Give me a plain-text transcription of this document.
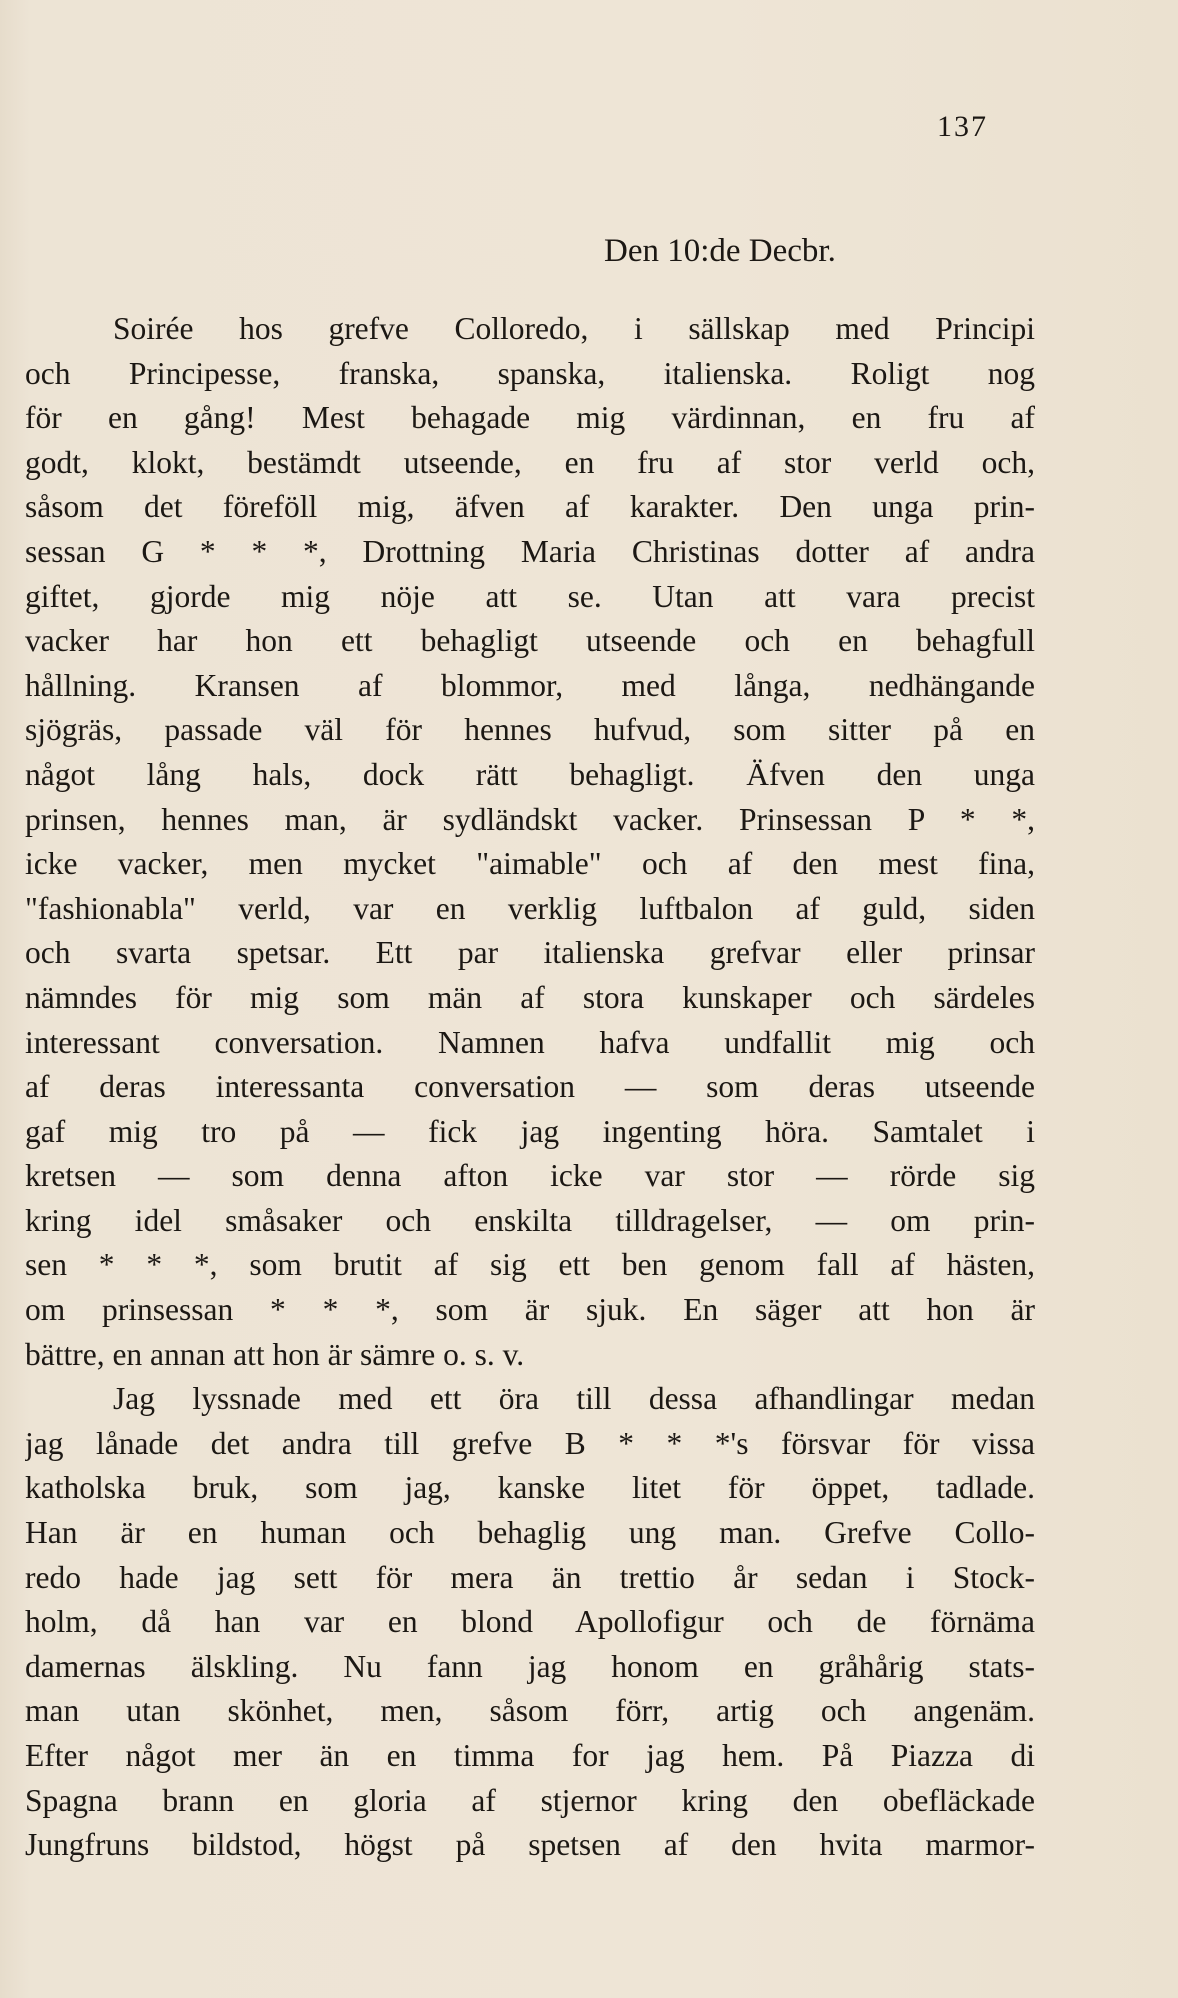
137
Den 10:de Decbr.
Soirée hos grefve Colloredo, i sällskap med Principi
och Principesse, franska, spanska, italienska. Roligt nog
för en gång! Mest behagade mig värdinnan, en fru af
godt, klokt, bestämdt utseende, en fru af stor verld och,
såsom det föreföll mig, äfven af karakter. Den unga prin-
sessan G * * *, Drottning Maria Christinas dotter af andra
giftet, gjorde mig nöje att se. Utan att vara precist
vacker har hon ett behagligt utseende och en behagfull
hållning. Kransen af blommor, med långa, nedhängande
sjögräs, passade väl för hennes hufvud, som sitter på en
något lång hals, dock rätt behagligt. Äfven den unga
prinsen, hennes man, är sydländskt vacker. Prinsessan P * *,
icke vacker, men mycket "aimable" och af den mest fina,
"fashionabla" verld, var en verklig luftbalon af guld, siden
och svarta spetsar. Ett par italienska grefvar eller prinsar
nämndes för mig som män af stora kunskaper och särdeles
interessant conversation. Namnen hafva undfallit mig och
af deras interessanta conversation — som deras utseende
gaf mig tro på — fick jag ingenting höra. Samtalet i
kretsen — som denna afton icke var stor — rörde sig
kring idel småsaker och enskilta tilldragelser, — om prin-
sen * * *, som brutit af sig ett ben genom fall af hästen,
om prinsessan * * *, som är sjuk. En säger att hon är
bättre, en annan att hon är sämre o. s. v.
Jag lyssnade med ett öra till dessa afhandlingar medan
jag lånade det andra till grefve B * * *'s försvar för vissa
katholska bruk, som jag, kanske litet för öppet, tadlade.
Han är en human och behaglig ung man. Grefve Collo-
redo hade jag sett för mera än trettio år sedan i Stock-
holm, då han var en blond Apollofigur och de förnäma
damernas älskling. Nu fann jag honom en gråhårig stats-
man utan skönhet, men, såsom förr, artig och angenäm.
Efter något mer än en timma for jag hem. På Piazza di
Spagna brann en gloria af stjernor kring den obefläckade
Jungfruns bildstod, högst på spetsen af den hvita marmor-
